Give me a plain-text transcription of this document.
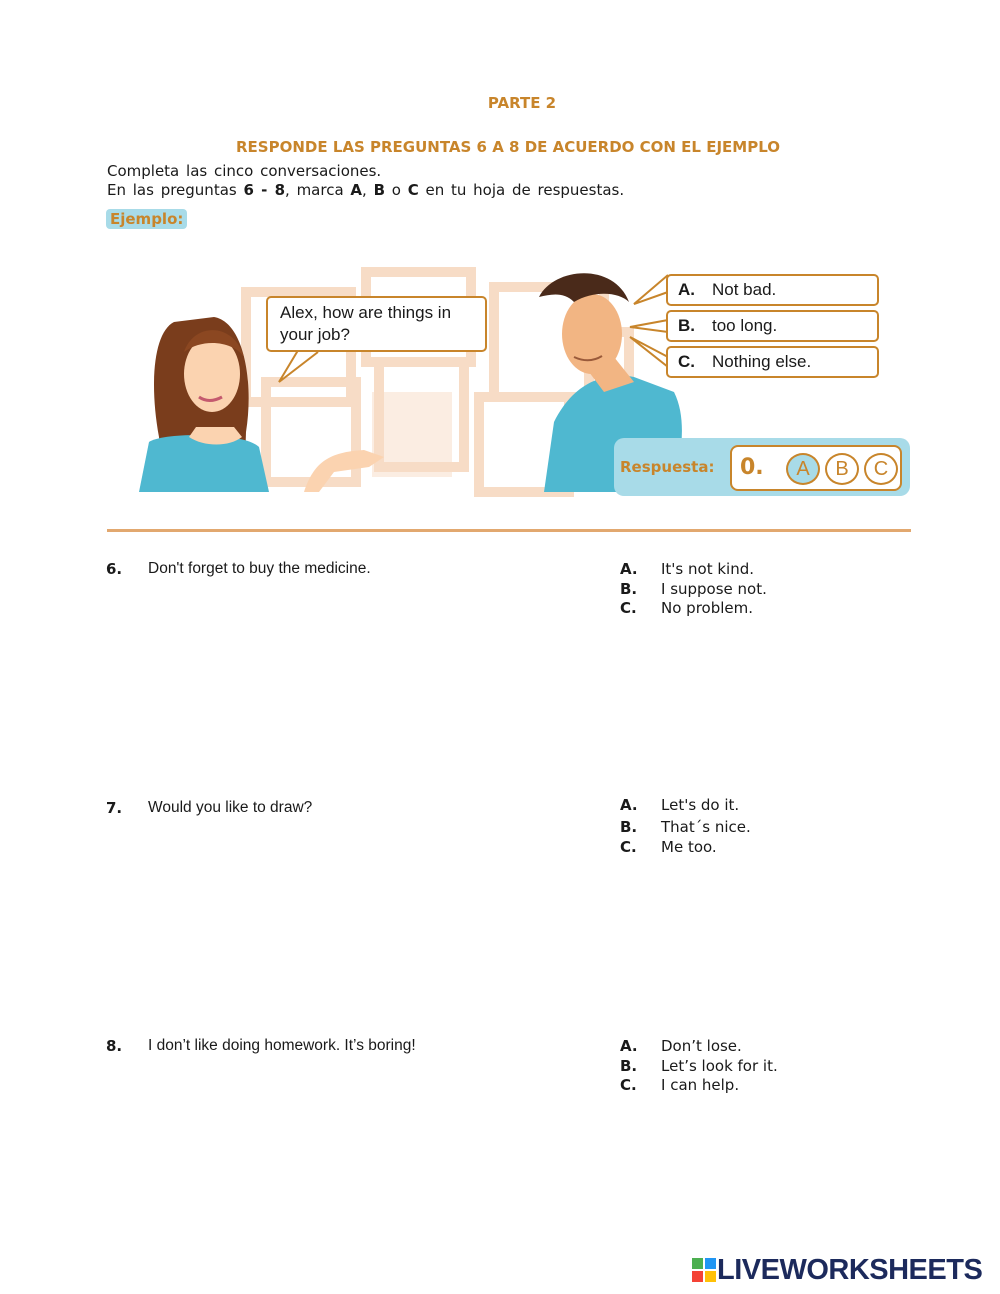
PARTE 2
RESPONDE LAS PREGUNTAS 6 A 8 DE ACUERDO CON EL EJEMPLO
Completa las cinco conversaciones.
En las preguntas 6 - 8, marca A, B o C en tu hoja de respuestas.
Ejemplo:
Alex, how are things in your job?
A. Not bad.
B. too long.
C. Nothing else.
Respuesta: 0.	A	B	C
6. Don't forget to buy the medicine.	A. It's not kind.
B. I suppose not.
C. No problem.
7. Would you like to draw?	A. Let's do it.
B. That´s nice.
C. Me too.
8. I don’t like doing homework. It’s boring!	A. Don’t lose.
B. Let’s look for it.
C. I can help.
LIVEWORKSHEETS
